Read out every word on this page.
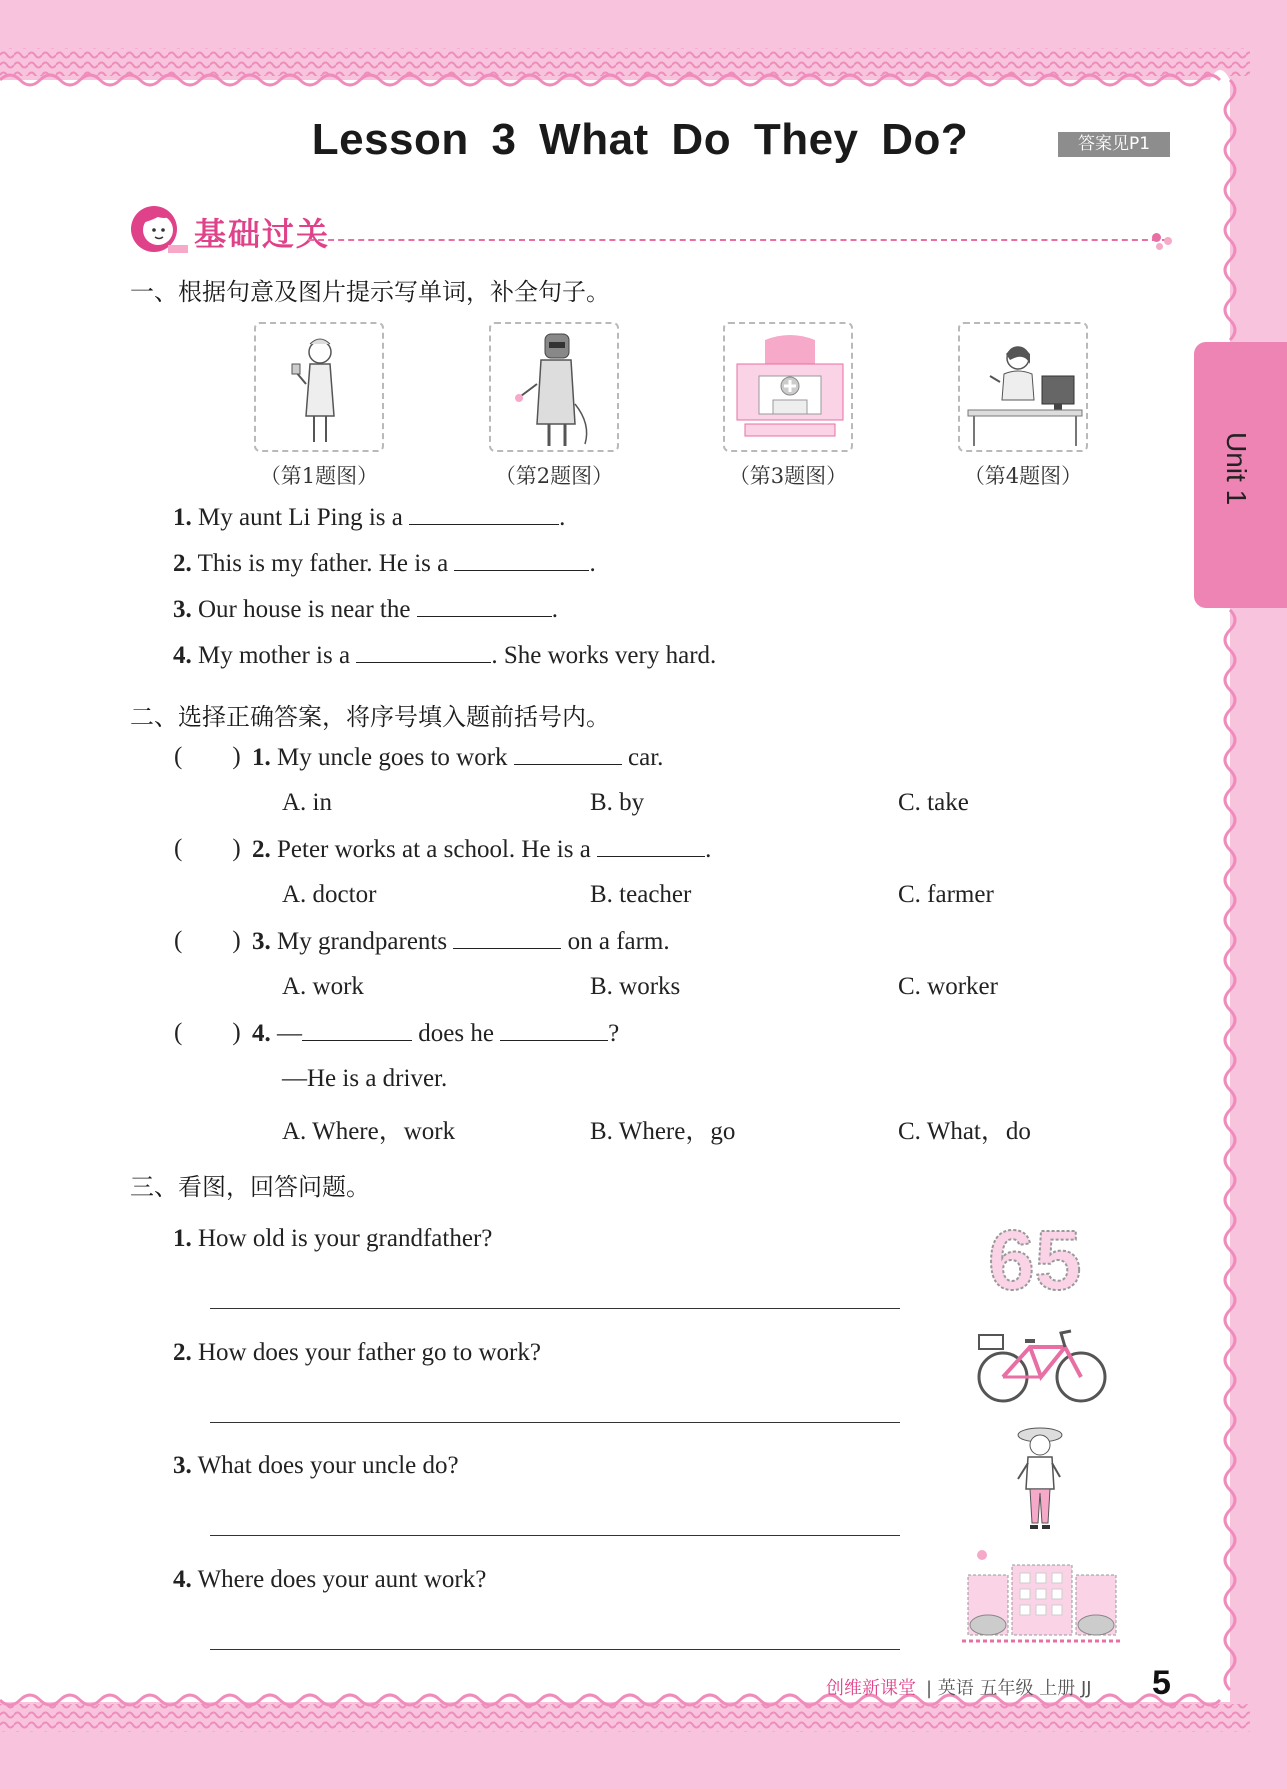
Lesson 3 What Do They Do?	答案见P1
Unit 1
基础过关
一、根据句意及图片提示写单词，补全句子。
（第1题图）	（第2题图）	（第3题图）	（第4题图）
1. My aunt Li Ping is a	.
2. This is my father. He is a	.
3. Our house is near the	.
4. My mother is a	. She works very hard.
二、选择正确答案，将序号填入题前括号内。
( ) 1. My uncle goes to work	car.
A. in	B. by	C. take
( ) 2. Peter works at a school. He is a	.
A. doctor	B. teacher	C. farmer
( ) 3. My grandparents	on a farm.
A. work	B. works	C. worker
( ) 4. —	does he	?
—He is a driver.
A. Where，work	B. Where，go	C. What，do
三、看图，回答问题。
1. How old is your grandfather?
2. How does your father go to work?
3. What does your uncle do?
4. Where does your aunt work?
65
创维新课堂 | 英语 五年级 上册 JJ 5
